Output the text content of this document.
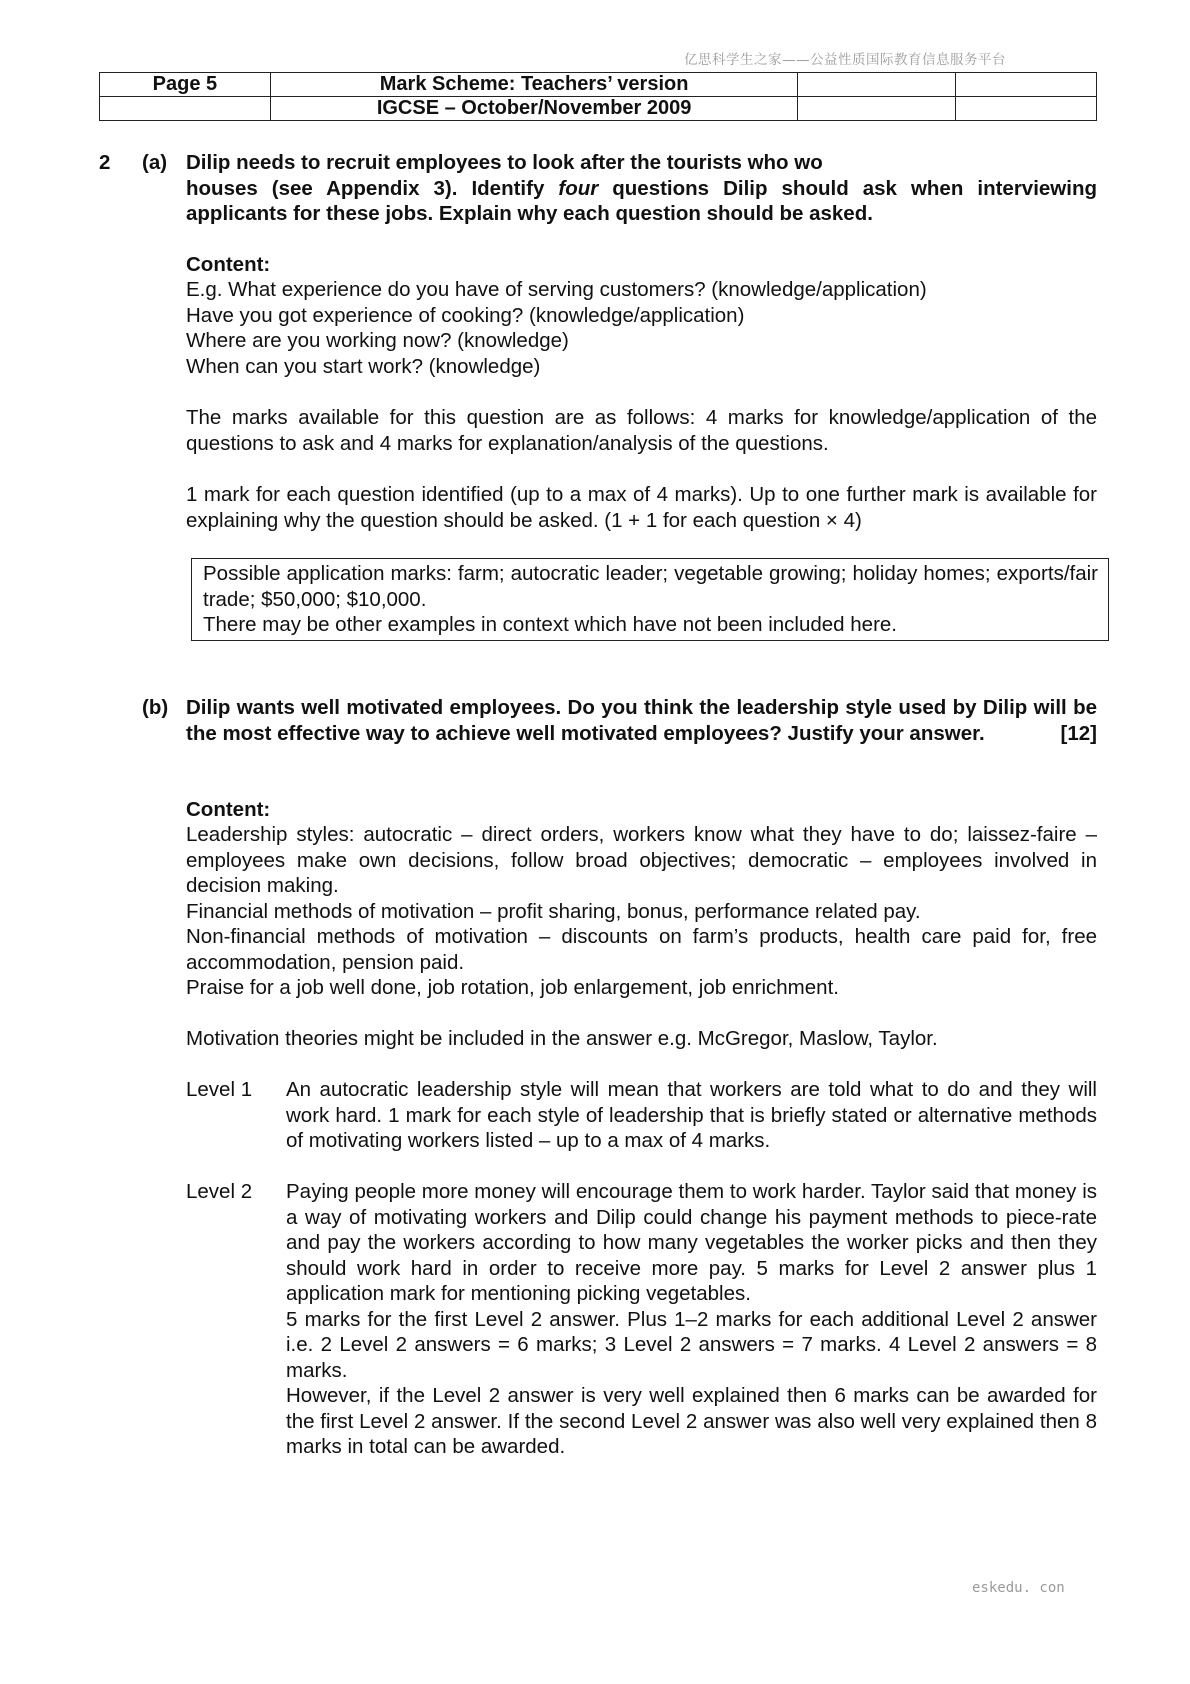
亿思科学生之家——公益性质国际教育信息服务平台
Page 5	Mark Scheme: Teachers’ version		
	IGCSE – October/November 2009		
2 (a) Dilip needs to recruit employees to look after the tourists who wo
houses (see Appendix 3). Identify four questions Dilip should ask when interviewing applicants for these jobs. Explain why each question should be asked.
Content:
E.g. What experience do you have of serving customers? (knowledge/application)
Have you got experience of cooking? (knowledge/application)
Where are you working now? (knowledge)
When can you start work? (knowledge)
The marks available for this question are as follows: 4 marks for knowledge/application of the questions to ask and 4 marks for explanation/analysis of the questions.
1 mark for each question identified (up to a max of 4 marks). Up to one further mark is available for explaining why the question should be asked. (1 + 1 for each question × 4)
Possible application marks: farm; autocratic leader; vegetable growing; holiday homes; exports/fair trade; $50,000; $10,000.
There may be other examples in context which have not been included here.
(b) Dilip wants well motivated employees. Do you think the leadership style used by Dilip will be the most effective way to achieve well motivated employees? Justify your answer.	[12]
Content:

Leadership styles: autocratic – direct orders, workers know what they have to do; laissez-faire – employees make own decisions, follow broad objectives; democratic – employees involved in decision making.

Financial methods of motivation – profit sharing, bonus, performance related pay.

Non-financial methods of motivation – discounts on farm’s products, health care paid for, free accommodation, pension paid.

Praise for a job well done, job rotation, job enlargement, job enrichment.

Motivation theories might be included in the answer e.g. McGregor, Maslow, Taylor.
Level 1 An autocratic leadership style will mean that workers are told what to do and they will work hard. 1 mark for each style of leadership that is briefly stated or alternative methods of motivating workers listed – up to a max of 4 marks.
Level 2 Paying people more money will encourage them to work harder. Taylor said that money is a way of motivating workers and Dilip could change his payment methods to piece-rate and pay the workers according to how many vegetables the worker picks and then they should work hard in order to receive more pay. 5 marks for Level 2 answer plus 1 application mark for mentioning picking vegetables.

5 marks for the first Level 2 answer. Plus 1–2 marks for each additional Level 2 answer i.e. 2 Level 2 answers = 6 marks; 3 Level 2 answers = 7 marks. 4 Level 2 answers = 8 marks.

However, if the Level 2 answer is very well explained then 6 marks can be awarded for the first Level 2 answer. If the second Level 2 answer was also well very explained then 8 marks in total can be awarded.

eskedu. con
